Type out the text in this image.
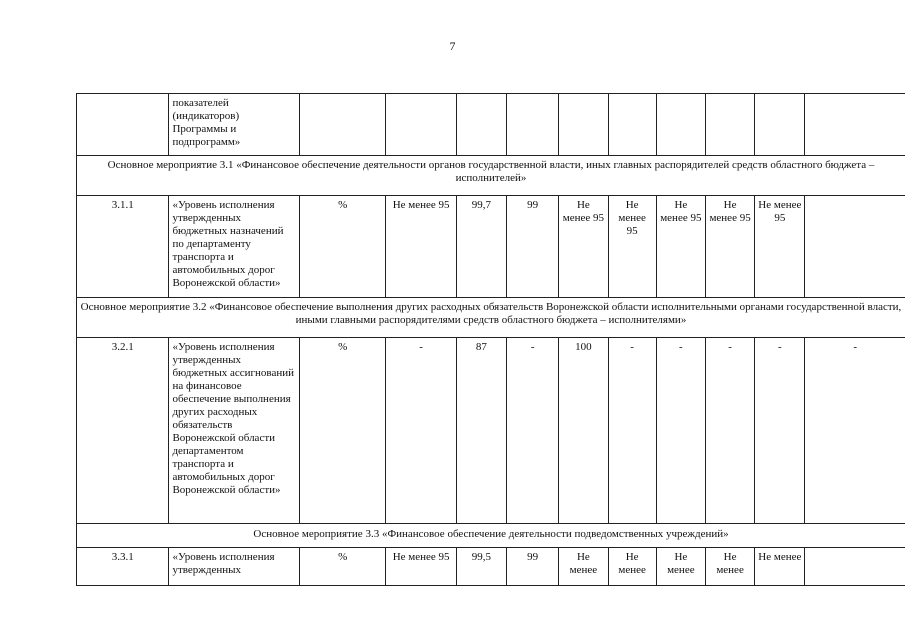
7
	показателей (индикаторов) Программы и подпрограмм»										
Основное мероприятие 3.1 «Финансовое обеспечение деятельности органов государственной власти, иных главных распорядителей средств областного бюджета – исполнителей»											
3.1.1	«Уровень исполнения утвержденных бюджетных назначений по департаменту транспорта и автомобильных дорог Воронежской области»	%	Не менее 95	99,7	99	Не менее 95	Не менее 95	Не менее 95	Не менее 95	Не менее 95	
Основное мероприятие 3.2 «Финансовое обеспечение выполнения других расходных обязательств Воронежской области исполнительными органами государственной власти, иными главными распорядителями средств областного бюджета – исполнителями»											
3.2.1	«Уровень исполнения утвержденных бюджетных ассигнований на финансовое обеспечение выполнения других расходных обязательств Воронежской области департаментом транспорта и автомобильных дорог Воронежской области»	%	-	87	-	100	-	-	-	-	-
Основное мероприятие 3.3 «Финансовое обеспечение деятельности подведомственных учреждений»											
3.3.1	«Уровень исполнения утвержденных	%	Не менее 95	99,5	99	Не менее	Не менее	Не менее	Не менее	Не менее	
